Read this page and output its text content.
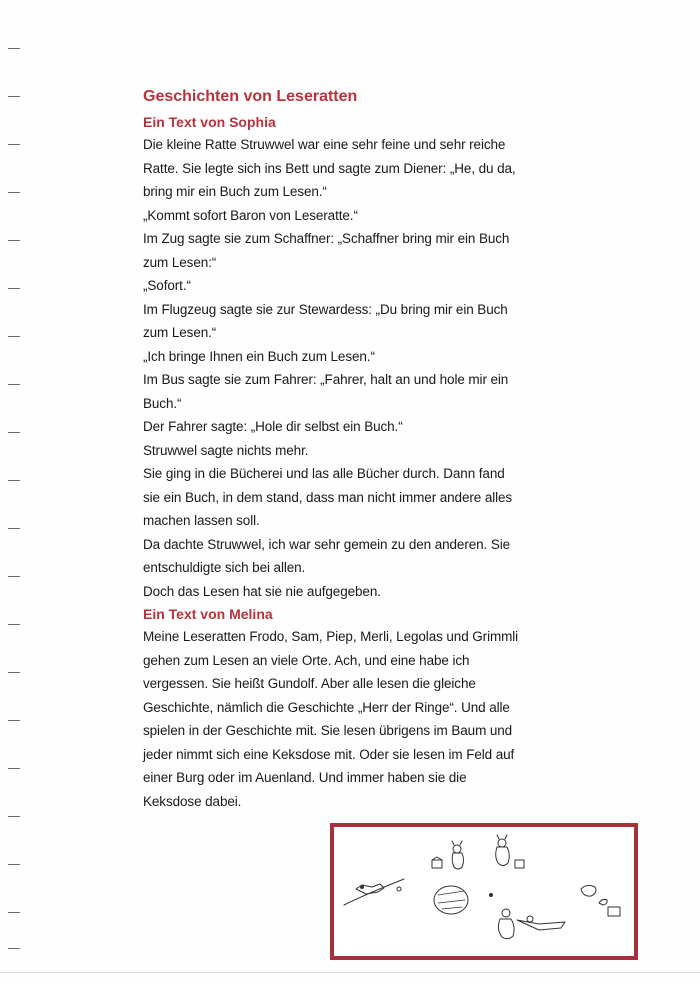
Geschichten von Leseratten
Ein Text von Sophia

Die kleine Ratte Struwwel war eine sehr feine und sehr reiche

Ratte. Sie legte sich ins Bett und sagte zum Diener: „He, du da,

bring mir ein Buch zum Lesen.“

„Kommt sofort Baron von Leseratte.“

Im Zug sagte sie zum Schaffner: „Schaffner bring mir ein Buch

zum Lesen:“

„Sofort.“

Im Flugzeug sagte sie zur Stewardess: „Du bring mir ein Buch

zum Lesen.“

„Ich bringe Ihnen ein Buch zum Lesen.“

Im Bus sagte sie zum Fahrer: „Fahrer, halt an und hole mir ein

Buch.“

Der Fahrer sagte: „Hole dir selbst ein Buch.“

Struwwel sagte nichts mehr.

Sie ging in die Bücherei und las alle Bücher durch. Dann fand

sie ein Buch, in dem stand, dass man nicht immer andere alles

machen lassen soll.

Da dachte Struwwel, ich war sehr gemein zu den anderen. Sie

entschuldigte sich bei allen.

Doch das Lesen hat sie nie aufgegeben.

Ein Text von Melina

Meine Leseratten Frodo, Sam, Piep, Merli, Legolas und Grimmli

gehen zum Lesen an viele Orte. Ach, und eine habe ich

vergessen. Sie heißt Gundolf. Aber alle lesen die gleiche

Geschichte, nämlich die Geschichte „Herr der Ringe“. Und alle

spielen in der Geschichte mit. Sie lesen übrigens im Baum und

jeder nimmt sich eine Keksdose mit. Oder sie lesen im Feld auf

einer Burg oder im Auenland. Und immer haben sie die

Keksdose dabei.
